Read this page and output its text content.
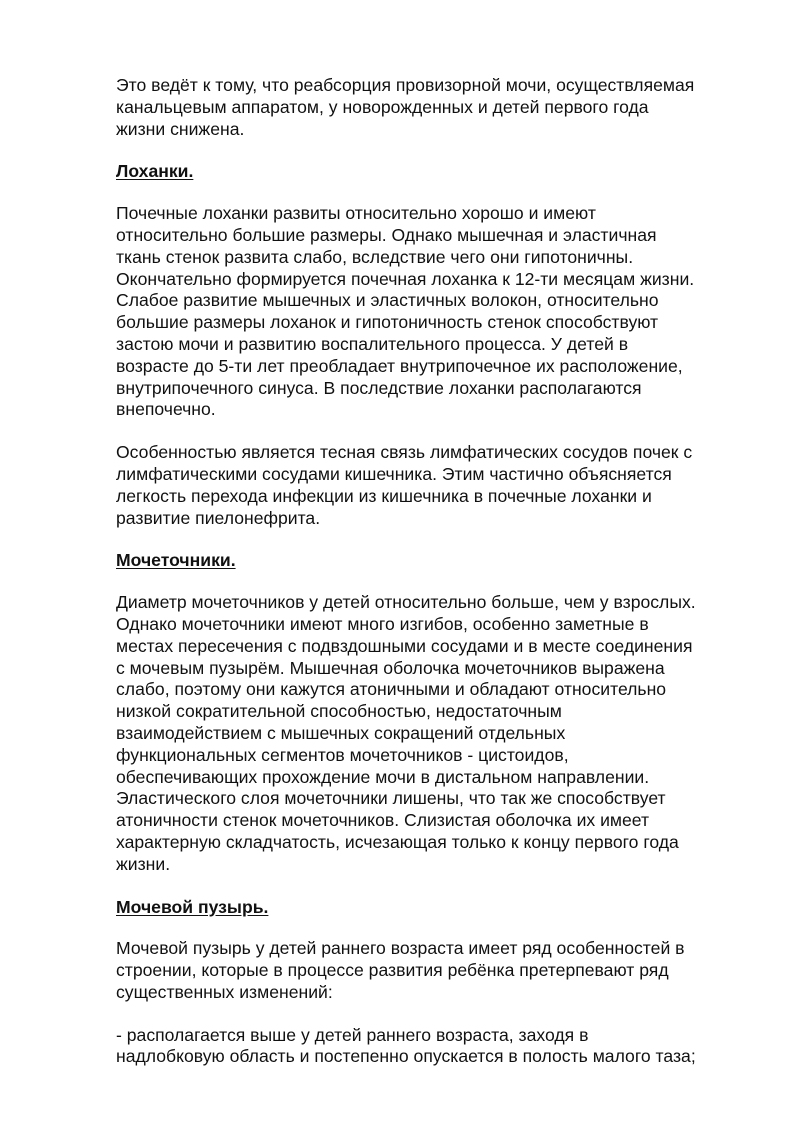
Это ведёт к тому, что реабсорция провизорной мочи, осуществляемая
канальцевым аппаратом, у новорожденных и детей первого года
жизни снижена.

Лоханки.

Почечные лоханки развиты относительно хорошо и имеют
относительно большие размеры. Однако мышечная и эластичная
ткань стенок развита слабо, вследствие чего они гипотоничны.
Окончательно формируется почечная лоханка к 12-ти месяцам жизни.
Слабое развитие мышечных и эластичных волокон, относительно
большие размеры лоханок и гипотоничность стенок способствуют
застою мочи и развитию воспалительного процесса. У детей в
возрасте до 5-ти лет преобладает внутрипочечное их расположение,
внутрипочечного синуса. В последствие лоханки располагаются
внепочечно.

Особенностью является тесная связь лимфатических сосудов почек с
лимфатическими сосудами кишечника. Этим частично объясняется
легкость перехода инфекции из кишечника в почечные лоханки и
развитие пиелонефрита.

Мочеточники.

Диаметр мочеточников у детей относительно больше, чем у взрослых.
Однако мочеточники имеют много изгибов, особенно заметные в
местах пересечения с подвздошными сосудами и в месте соединения
с мочевым пузырём. Мышечная оболочка мочеточников выражена
слабо, поэтому они кажутся атоничными и обладают относительно
низкой сократительной способностью, недостаточным
взаимодействием с мышечных сокращений отдельных
функциональных сегментов мочеточников - цистоидов,
обеспечивающих прохождение мочи в дистальном направлении.
Эластического слоя мочеточники лишены, что так же способствует
атоничности стенок мочеточников. Слизистая оболочка их имеет
характерную складчатость, исчезающая только к концу первого года
жизни.

Мочевой пузырь.

Мочевой пузырь у детей раннего возраста имеет ряд особенностей в
строении, которые в процессе развития ребёнка претерпевают ряд
существенных изменений:

- располагается выше у детей раннего возраста, заходя в
надлобковую область и постепенно опускается в полость малого таза;
